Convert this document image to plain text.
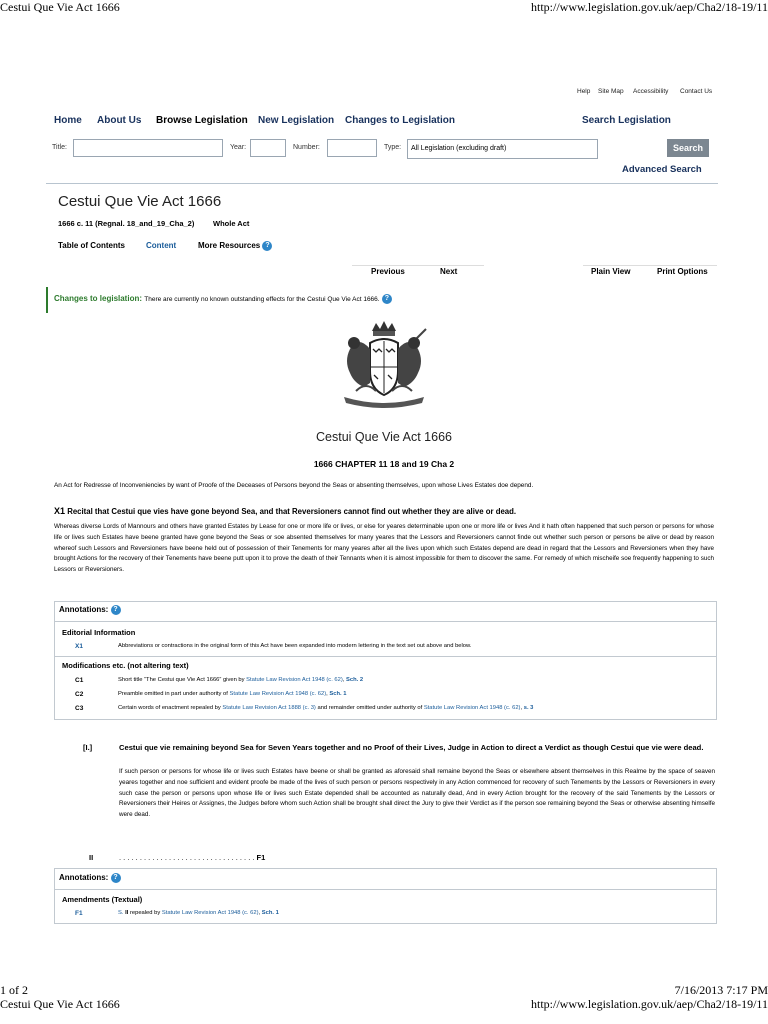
Cestui Que Vie Act 1666	http://www.legislation.gov.uk/aep/Cha2/18-19/11
Help Site Map Accessibility Contact Us
Home About Us Browse Legislation New Legislation Changes to Legislation	Search Legislation
Title:	Year:	Number:	Type:	All Legislation (excluding draft)	Search
Advanced Search
Cestui Que Vie Act 1666
1666 c. 11 (Regnal. 18_and_19_Cha_2) Whole Act
Table of Contents	Content	More Resources ?
Previous	Next	Plain View	Print Options
Changes to legislation: There are currently no known outstanding effects for the Cestui Que Vie Act 1666. ?
Cestui Que Vie Act 1666
1666 CHAPTER 11 18 and 19 Cha 2
An Act for Redresse of Inconveniencies by want of Proofe of the Deceases of Persons beyond the Seas or absenting themselves, upon whose Lives Estates doe depend.
X1 Recital that Cestui que vies have gone beyond Sea, and that Reversioners cannot find out whether they are alive or dead.
Whereas diverse Lords of Mannours and others have granted Estates by Lease for one or more life or lives, or else for yeares determinable upon one or more life or lives And it hath often happened that such person or persons for whose life or lives such Estates have beene granted have gone beyond the Seas or soe absented themselves for many yeares that the Lessors and Reversioners cannot finde out whether such person or persons be alive or dead by reason whereof such Lessors and Reversioners have beene held out of possession of their Tenements for many yeares after all the lives upon which such Estates depend are dead in regard that the Lessors and Reversioners when they have brought Actions for the recovery of their Tenements have beene putt upon it to prove the death of their Tennants when it is almost impossible for them to discover the same. For remedy of which mischeife soe frequently happening to such Lessors or Reversioners.
Annotations: ?
Editorial Information
X1	Abbreviations or contractions in the original form of this Act have been expanded into modern lettering in the text set out above and below.
Modifications etc. (not altering text)
C1	Short title “The Cestui que Vie Act 1666” given by Statute Law Revision Act 1948 (c. 62), Sch. 2
C2	Preamble omitted in part under authority of Statute Law Revision Act 1948 (c. 62), Sch. 1
C3	Certain words of enactment repealed by Statute Law Revision Act 1888 (c. 3) and remainder omitted under authority of Statute Law Revision Act 1948 (c. 62), s. 3
[I.]	Cestui que vie remaining beyond Sea for Seven Years together and no Proof of their Lives, Judge in Action to direct a Verdict as though Cestui que vie were dead.
If such person or persons for whose life or lives such Estates have beene or shall be granted as aforesaid shall remaine beyond the Seas or elsewhere absent themselves in this Realme by the space of seaven yeares together and noe sufficient and evident proofe be made of the lives of such person or persons respectively in any Action commenced for recovery of such Tenements by the Lessors or Reversioners in every such case the person or persons upon whose life or lives such Estate depended shall be accounted as naturally dead, And in every Action brought for the recovery of the said Tenements by the Lessors or Reversioners their Heires or Assignes, the Judges before whom such Action shall be brought shall direct the Jury to give their Verdict as if the person soe remaining beyond the Seas or otherwise absenting himselfe were dead.
II	. . . . . . . . . . . . . . . . . . . . . . . . . . . . . . . . . F1
Annotations: ?
Amendments (Textual)
F1	S. II repealed by Statute Law Revision Act 1948 (c. 62), Sch. 1
1 of 2	7/16/2013 7:17 PM
Cestui Que Vie Act 1666	http://www.legislation.gov.uk/aep/Cha2/18-19/11
